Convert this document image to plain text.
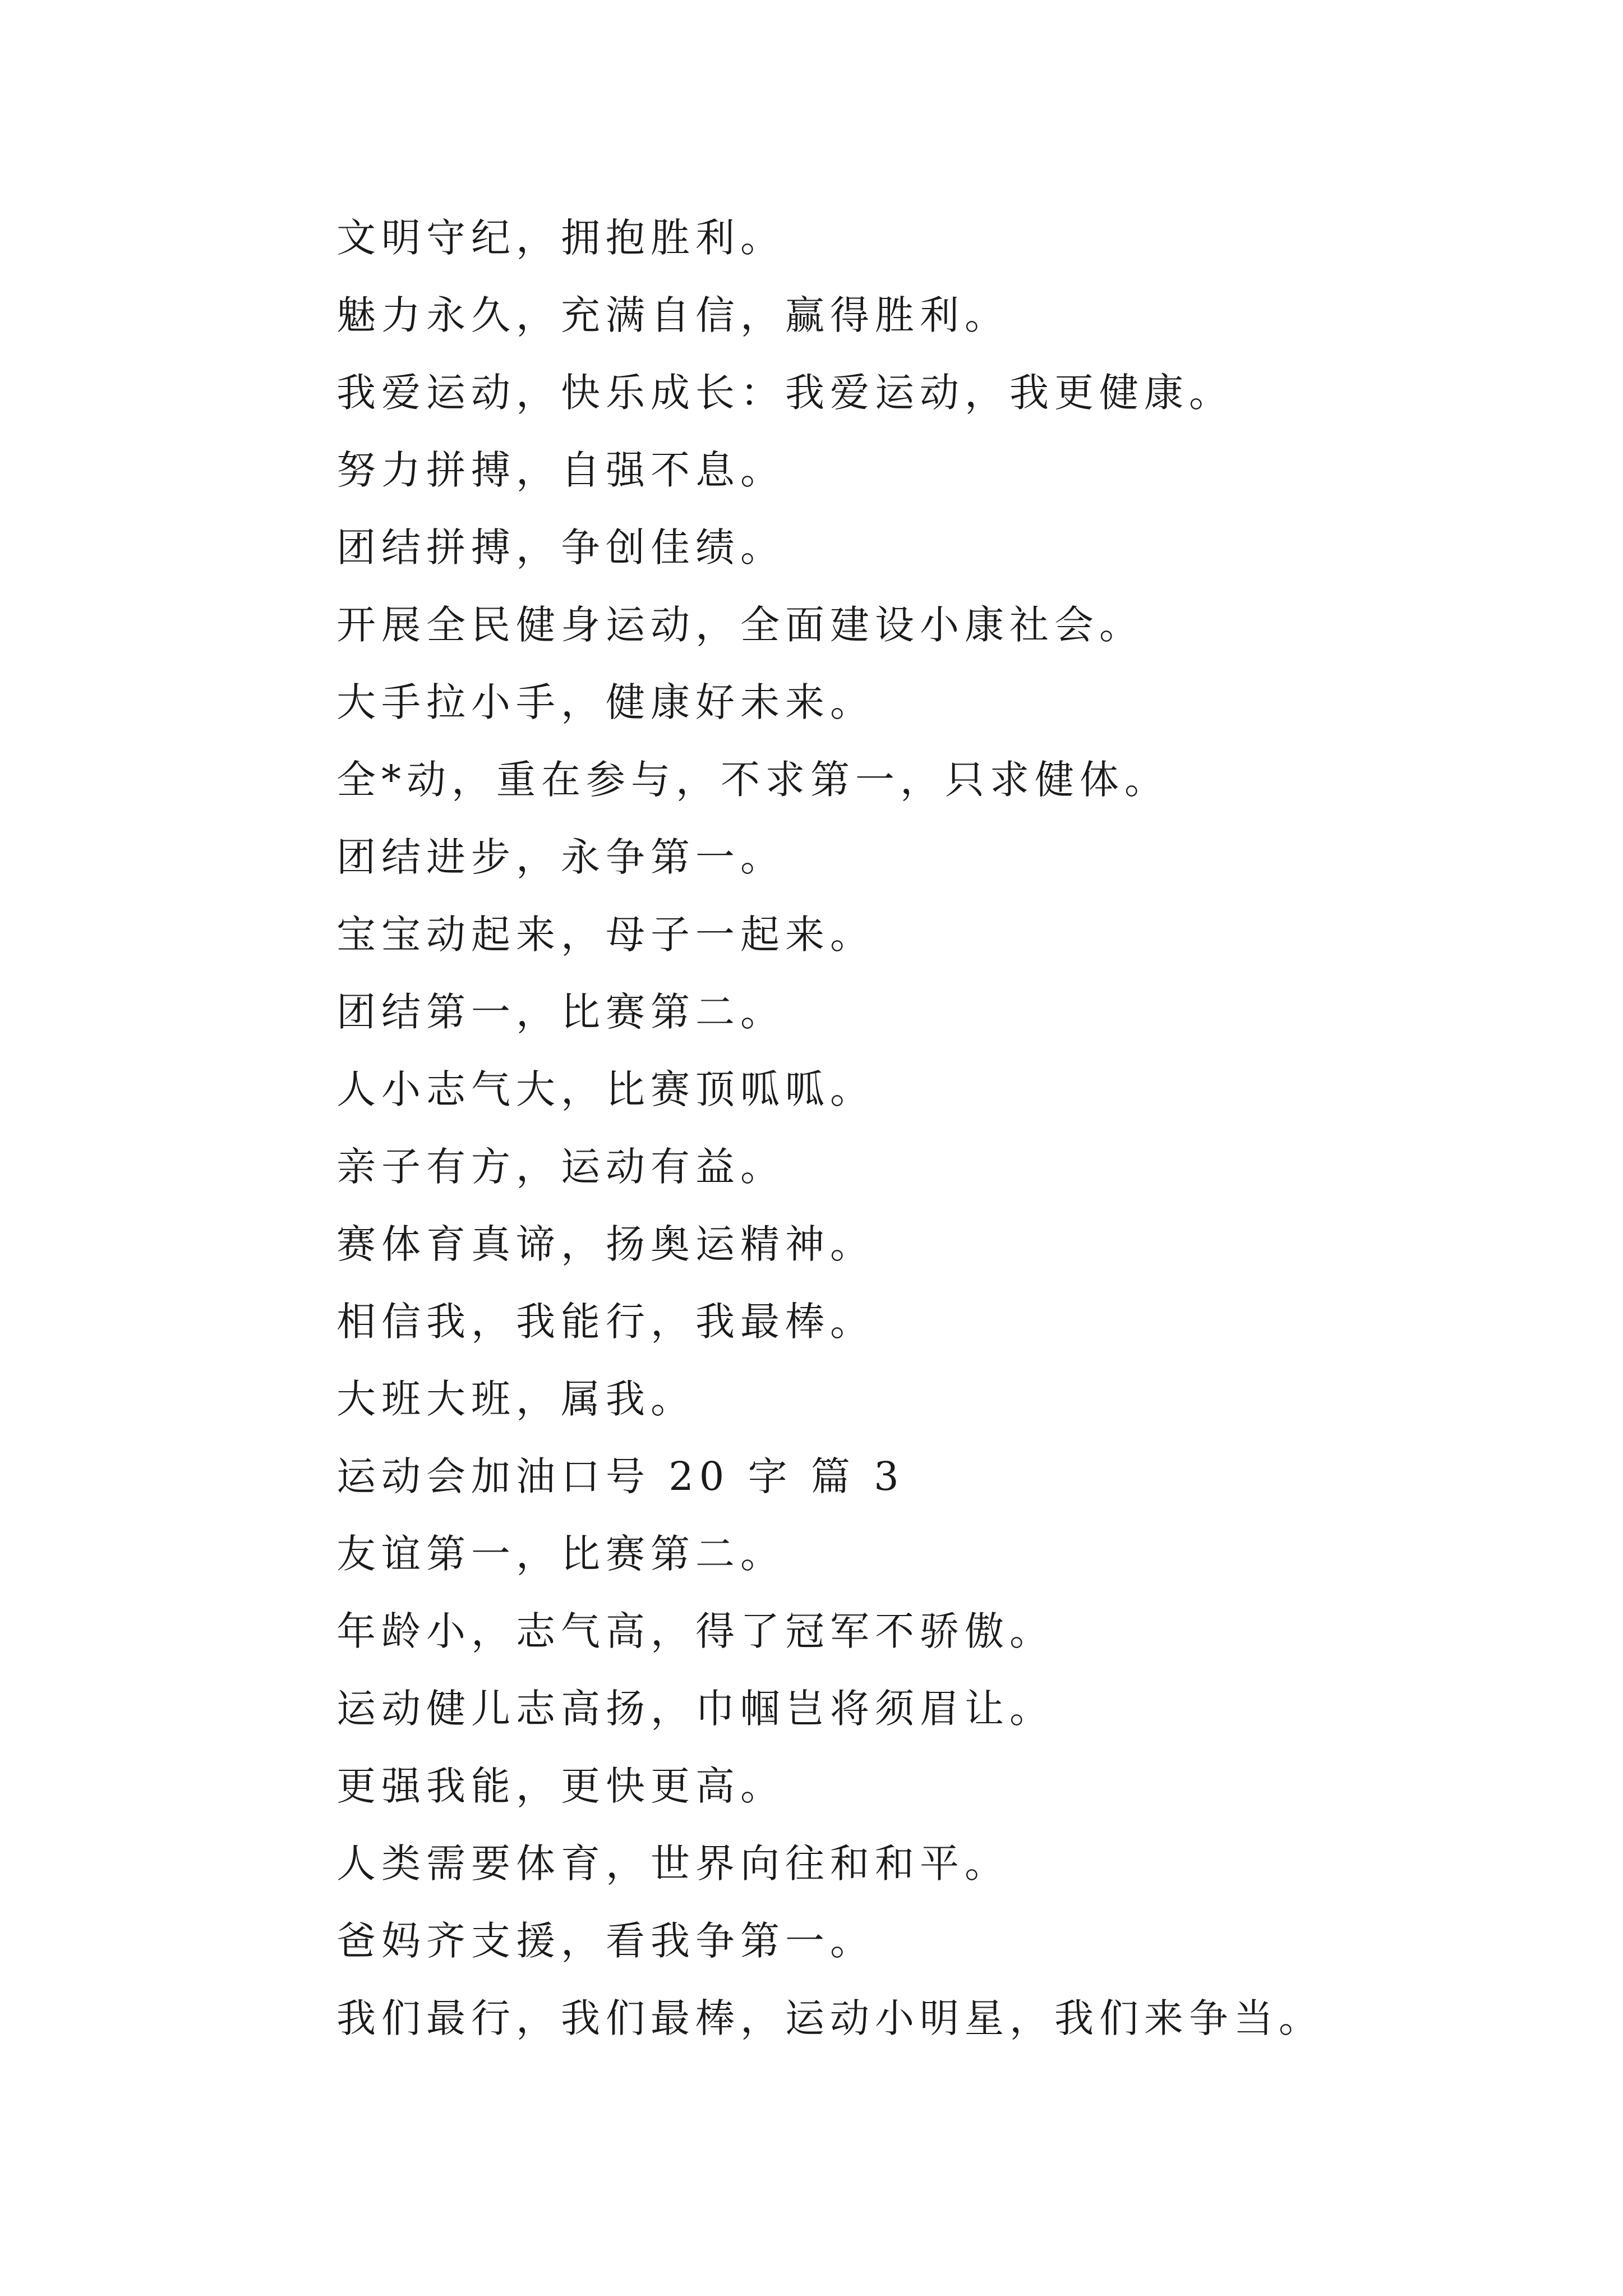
文明守纪，拥抱胜利。
魅力永久，充满自信，赢得胜利。
我爱运动，快乐成长：我爱运动，我更健康。
努力拼搏，自强不息。
团结拼搏，争创佳绩。
开展全民健身运动，全面建设小康社会。
大手拉小手，健康好未来。
全*动，重在参与，不求第一，只求健体。
团结进步，永争第一。
宝宝动起来，母子一起来。
团结第一，比赛第二。
人小志气大，比赛顶呱呱。
亲子有方，运动有益。
赛体育真谛，扬奥运精神。
相信我，我能行，我最棒。
大班大班，属我。
运动会加油口号 20 字 篇 3
友谊第一，比赛第二。
年龄小，志气高，得了冠军不骄傲。
运动健儿志高扬，巾帼岂将须眉让。
更强我能，更快更高。
人类需要体育，世界向往和和平。
爸妈齐支援，看我争第一。
我们最行，我们最棒，运动小明星，我们来争当。
